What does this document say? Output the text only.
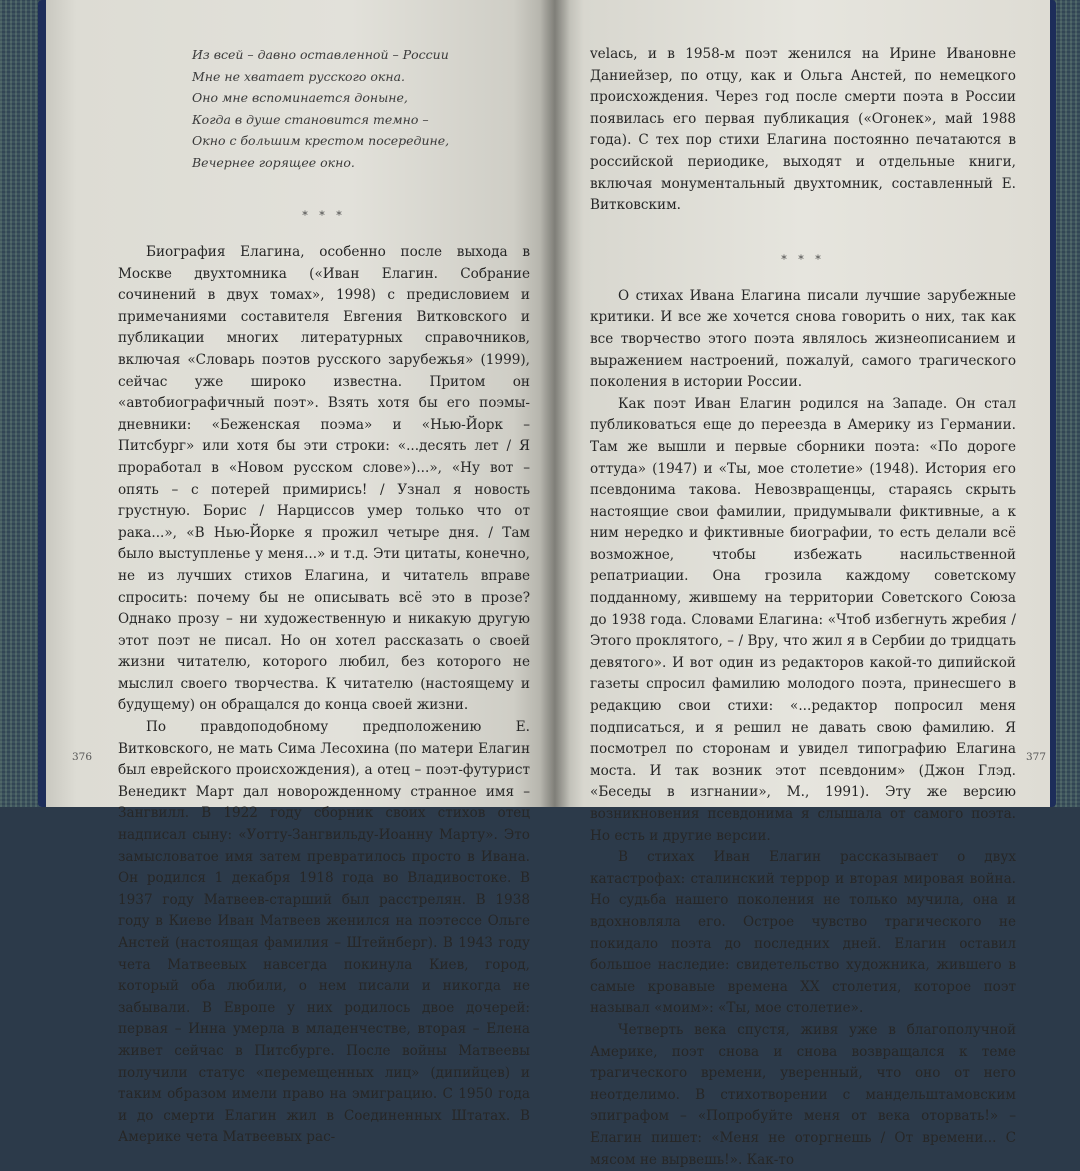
Из всей – давно оставленной – России
Мне не хватает русского окна.
Оно мне вспоминается доныне,
Когда в душе становится темно –
Окно с большим крестом посередине,
Вечернее горящее окно.
* * *

Биография Елагина, особенно после выхода в Москве двухтомника («Иван Елагин. Собрание сочинений в двух томах», 1998) с предисловием и примечаниями составителя Евгения Витковского и публикации многих литературных справочников, включая «Словарь поэтов русского зарубежья» (1999), сейчас уже широко известна. Притом он «автобиографичный поэт». Взять хотя бы его поэмы-дневники: «Беженская поэма» и «Нью-Йорк – Питсбург» или хотя бы эти строки: «...десять лет / Я проработал в «Новом русском слове»)...», «Ну вот – опять – с потерей примирись! / Узнал я новость грустную. Борис / Нарциссов умер только что от рака...», «В Нью-Йорке я прожил четыре дня. / Там было выступленье у меня...» и т.д. Эти цитаты, конечно, не из лучших стихов Елагина, и читатель вправе спросить: почему бы не описывать всё это в прозе? Однако прозу – ни художественную и никакую другую этот поэт не писал. Но он хотел рассказать о своей жизни читателю, которого любил, без которого не мыслил своего творчества. К читателю (настоящему и будущему) он обращался до конца своей жизни.

По правдоподобному предположению Е. Витковского, не мать Сима Лесохина (по матери Елагин был еврейского происхождения), а отец – поэт-футурист Венедикт Март дал новорожденному странное имя – Зангвилл. В 1922 году сборник своих стихов отец надписал сыну: «Уотту-Зангвильду-Иоанну Марту». Это замысловатое имя затем превратилось просто в Ивана. Он родился 1 декабря 1918 года во Владивостоке. В 1937 году Матвеев-старший был расстрелян. В 1938 году в Киеве Иван Матвеев женился на поэтессе Ольге Анстей (настоящая фамилия – Штейнберг). В 1943 году чета Матвеевых навсегда покинула Киев, город, который оба любили, о нем писали и никогда не забывали. В Европе у них родилось двое дочерей: первая – Инна умерла в младенчестве, вторая – Елена живет сейчас в Питсбурге. После войны Матвеевы получили статус «перемещенных лиц» (дипийцев) и таким образом имели право на эмиграцию. С 1950 года и до смерти Елагин жил в Соединенных Штатах. В Америке чета Матвеевых рас-

376

velaсь, и в 1958-м поэт женился на Ирине Ивановне Даниейзер, по отцу, как и Ольга Анстей, по немецкого происхождения. Через год после смерти поэта в России появилась его первая публикация («Огонек», май 1988 года). С тех пор стихи Елагина постоянно печатаются в российской периодике, выходят и отдельные книги, включая монументальный двухтомник, составленный Е. Витковским.

* * *

О стихах Ивана Елагина писали лучшие зарубежные критики. И все же хочется снова говорить о них, так как все творчество этого поэта являлось жизнеописанием и выражением настроений, пожалуй, самого трагического поколения в истории России.

Как поэт Иван Елагин родился на Западе. Он стал публиковаться еще до переезда в Америку из Германии. Там же вышли и первые сборники поэта: «По дороге оттуда» (1947) и «Ты, мое столетие» (1948). История его псевдонима такова. Невозвращенцы, стараясь скрыть настоящие свои фамилии, придумывали фиктивные, а к ним нередко и фиктивные биографии, то есть делали всё возможное, чтобы избежать насильственной репатриации. Она грозила каждому советскому подданному, жившему на территории Советского Союза до 1938 года. Словами Елагина: «Чтоб избегнуть жребия / Этого проклятого, – / Вру, что жил я в Сербии до тридцать девятого». И вот один из редакторов какой-то дипийской газеты спросил фамилию молодого поэта, принесшего в редакцию свои стихи: «...редактор попросил меня подписаться, и я решил не давать свою фамилию. Я посмотрел по сторонам и увидел типографию Елагина моста. И так возник этот псевдоним» (Джон Глэд. «Беседы в изгнании», М., 1991). Эту же версию возникновения псевдонима я слышала от самого поэта. Но есть и другие версии.

В стихах Иван Елагин рассказывает о двух катастрофах: сталинский террор и вторая мировая война. Но судьба нашего поколения не только мучила, она и вдохновляла его. Острое чувство трагического не покидало поэта до последних дней. Елагин оставил большое наследие: свидетельство художника, жившего в самые кровавые времена XX столетия, которое поэт называл «моим»: «Ты, мое столетие».

Четверть века спустя, живя уже в благополучной Америке, поэт снова и снова возвращался к теме трагического времени, уверенный, что оно от него неотделимо. В стихотворении с мандельштамовским эпиграфом – «Попробуйте меня от века оторвать!» – Елагин пишет: «Меня не оторгнешь / От времени... С мясом не вырвешь!». Как-то

377
